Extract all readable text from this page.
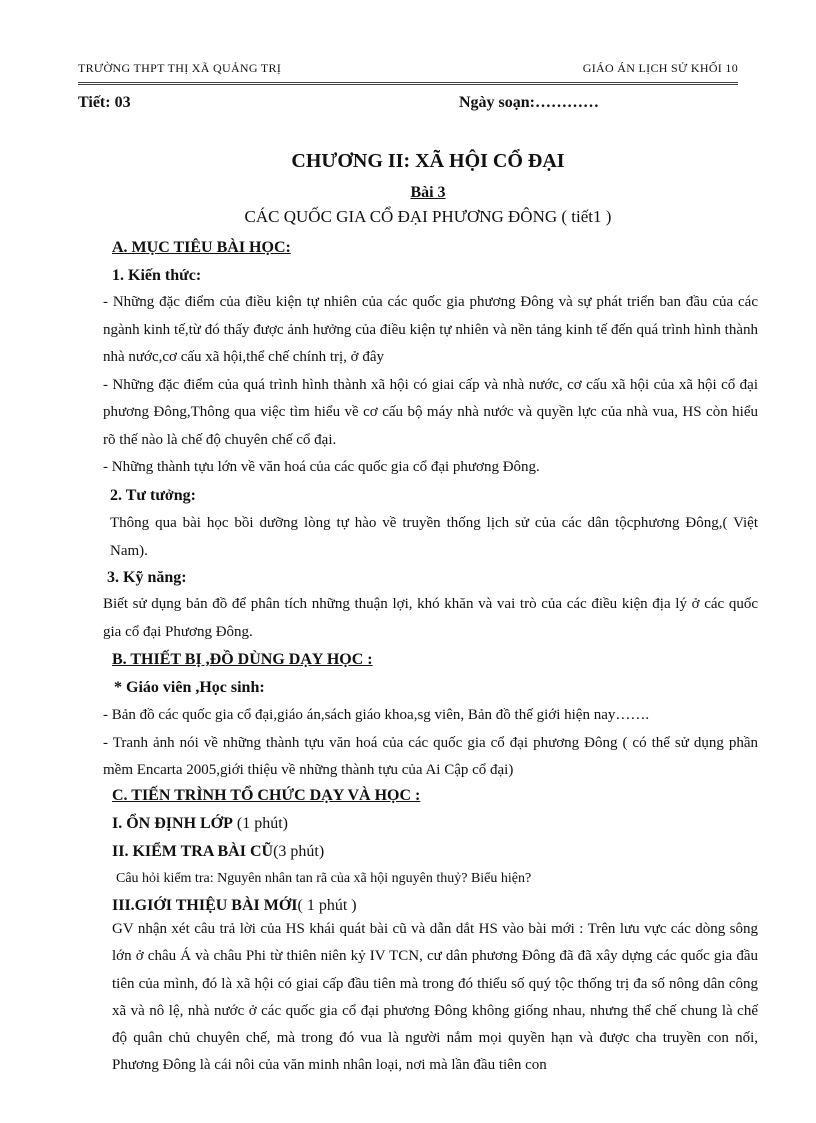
TRƯỜNG THPT THỊ XÃ QUẢNG TRỊ	GIÁO ÁN LỊCH SỬ KHỐI 10
Tiết: 03	Ngày soạn:…………
CHƯƠNG II: XÃ HỘI CỔ ĐẠI
Bài 3
CÁC QUỐC GIA CỔ ĐẠI PHƯƠNG ĐÔNG ( tiết1 )

A. MỤC TIÊU BÀI HỌC:

1. Kiến thức:

- Những đặc điểm của điều kiện tự nhiên của các quốc gia phương Đông và sự phát triển ban đầu của các ngành kinh tế,từ đó thấy được ảnh hưởng của điều kiện tự nhiên và nền tảng kinh tế đến quá trình hình thành nhà nước,cơ cấu xã hội,thể chế chính trị, ở đây

- Những đặc điểm của quá trình hình thành xã hội có giai cấp và nhà nước, cơ cấu xã hội của xã hội cổ đại phương Đông,Thông qua việc tìm hiểu về cơ cấu bộ máy nhà nước và quyền lực của nhà vua, HS còn hiểu rõ thế nào là chế độ chuyên chế cổ đại.

- Những thành tựu lớn về văn hoá của các quốc gia cổ đại phương Đông.

2. Tư tưởng:

Thông qua bài học bồi dưỡng lòng tự hào về truyền thống lịch sử của các dân tộcphương Đông,( Việt Nam).

3. Kỹ năng:

Biết sử dụng bản đồ để phân tích những thuận lợi, khó khăn và vai trò của các điều kiện địa lý ở các quốc gia cổ đại Phương Đông.

B. THIẾT BỊ ,ĐỒ DÙNG DẠY HỌC :

* Giáo viên ,Học sinh:

- Bản đồ các quốc gia cổ đại,giáo án,sách giáo khoa,sg viên, Bản đồ thế giới hiện nay…….

- Tranh ảnh nói về những thành tựu văn hoá của các quốc gia cổ đại phương Đông ( có thể sử dụng phần mềm Encarta 2005,giới thiệu về những thành tựu của Ai Cập cổ đại)

C. TIẾN TRÌNH TỔ CHỨC DẠY VÀ HỌC :

I. ỔN ĐỊNH LỚP (1 phút)

II. KIỂM TRA BÀI CŨ(3 phút)

Câu hỏi kiểm tra: Nguyên nhân tan rã của xã hội nguyên thuỷ? Biểu hiện?

III.GIỚI THIỆU BÀI MỚI( 1 phút )

GV nhận xét câu trả lời của HS khái quát bài cũ và dẫn dắt HS vào bài mới : Trên lưu vực các dòng sông lớn ở châu Á và châu Phi từ thiên niên kỷ IV TCN, cư dân phương Đông đã đã xây dựng các quốc gia đầu tiên của mình, đó là xã hội có giai cấp đầu tiên mà trong đó thiểu số quý tộc thống trị đa số nông dân công xã và nô lệ, nhà nước ở các quốc gia cổ đại phương Đông không giống nhau, nhưng thể chế chung là chế độ quân chủ chuyên chế, mà trong đó vua là người nắm mọi quyền hạn và được cha truyền con nối, Phương Đông là cái nôi của văn minh nhân loại, nơi mà lần đầu tiên con
